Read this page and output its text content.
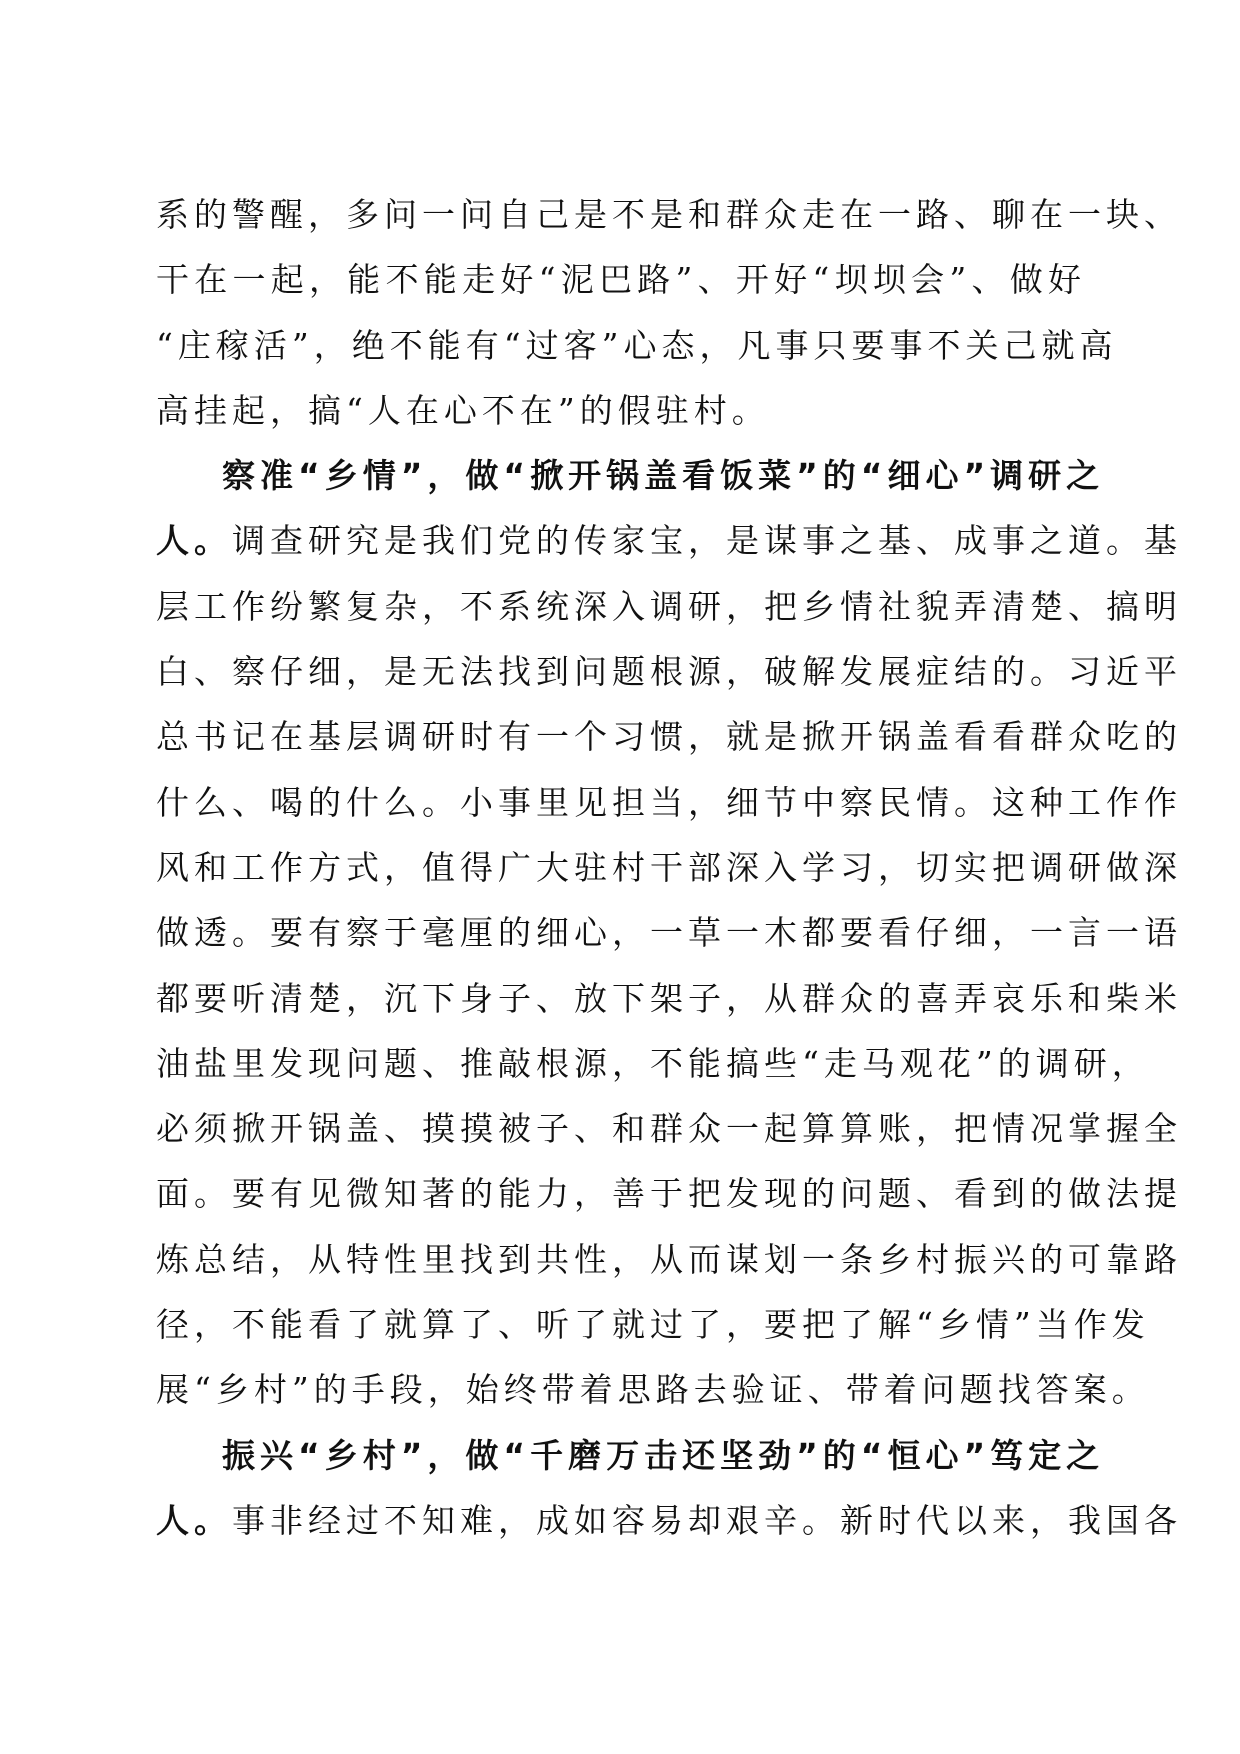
系的警醒，多问一问自己是不是和群众走在一路、聊在一块、
干在一起，能不能走好“泥巴路”、开好“坝坝会”、做好
“庄稼活”，绝不能有“过客”心态，凡事只要事不关己就高
高挂起，搞“人在心不在”的假驻村。
察准“乡情”，做“掀开锅盖看饭菜”的“细心”调研之
人。调查研究是我们党的传家宝，是谋事之基、成事之道。基
层工作纷繁复杂，不系统深入调研，把乡情社貌弄清楚、搞明
白、察仔细，是无法找到问题根源，破解发展症结的。习近平
总书记在基层调研时有一个习惯，就是掀开锅盖看看群众吃的
什么、喝的什么。小事里见担当，细节中察民情。这种工作作
风和工作方式，值得广大驻村干部深入学习，切实把调研做深
做透。要有察于毫厘的细心，一草一木都要看仔细，一言一语
都要听清楚，沉下身子、放下架子，从群众的喜弄哀乐和柴米
油盐里发现问题、推敲根源，不能搞些“走马观花”的调研，
必须掀开锅盖、摸摸被子、和群众一起算算账，把情况掌握全
面。要有见微知著的能力，善于把发现的问题、看到的做法提
炼总结，从特性里找到共性，从而谋划一条乡村振兴的可靠路
径，不能看了就算了、听了就过了，要把了解“乡情”当作发
展“乡村”的手段，始终带着思路去验证、带着问题找答案。
振兴“乡村”，做“千磨万击还坚劲”的“恒心”笃定之
人。事非经过不知难，成如容易却艰辛。新时代以来，我国各
